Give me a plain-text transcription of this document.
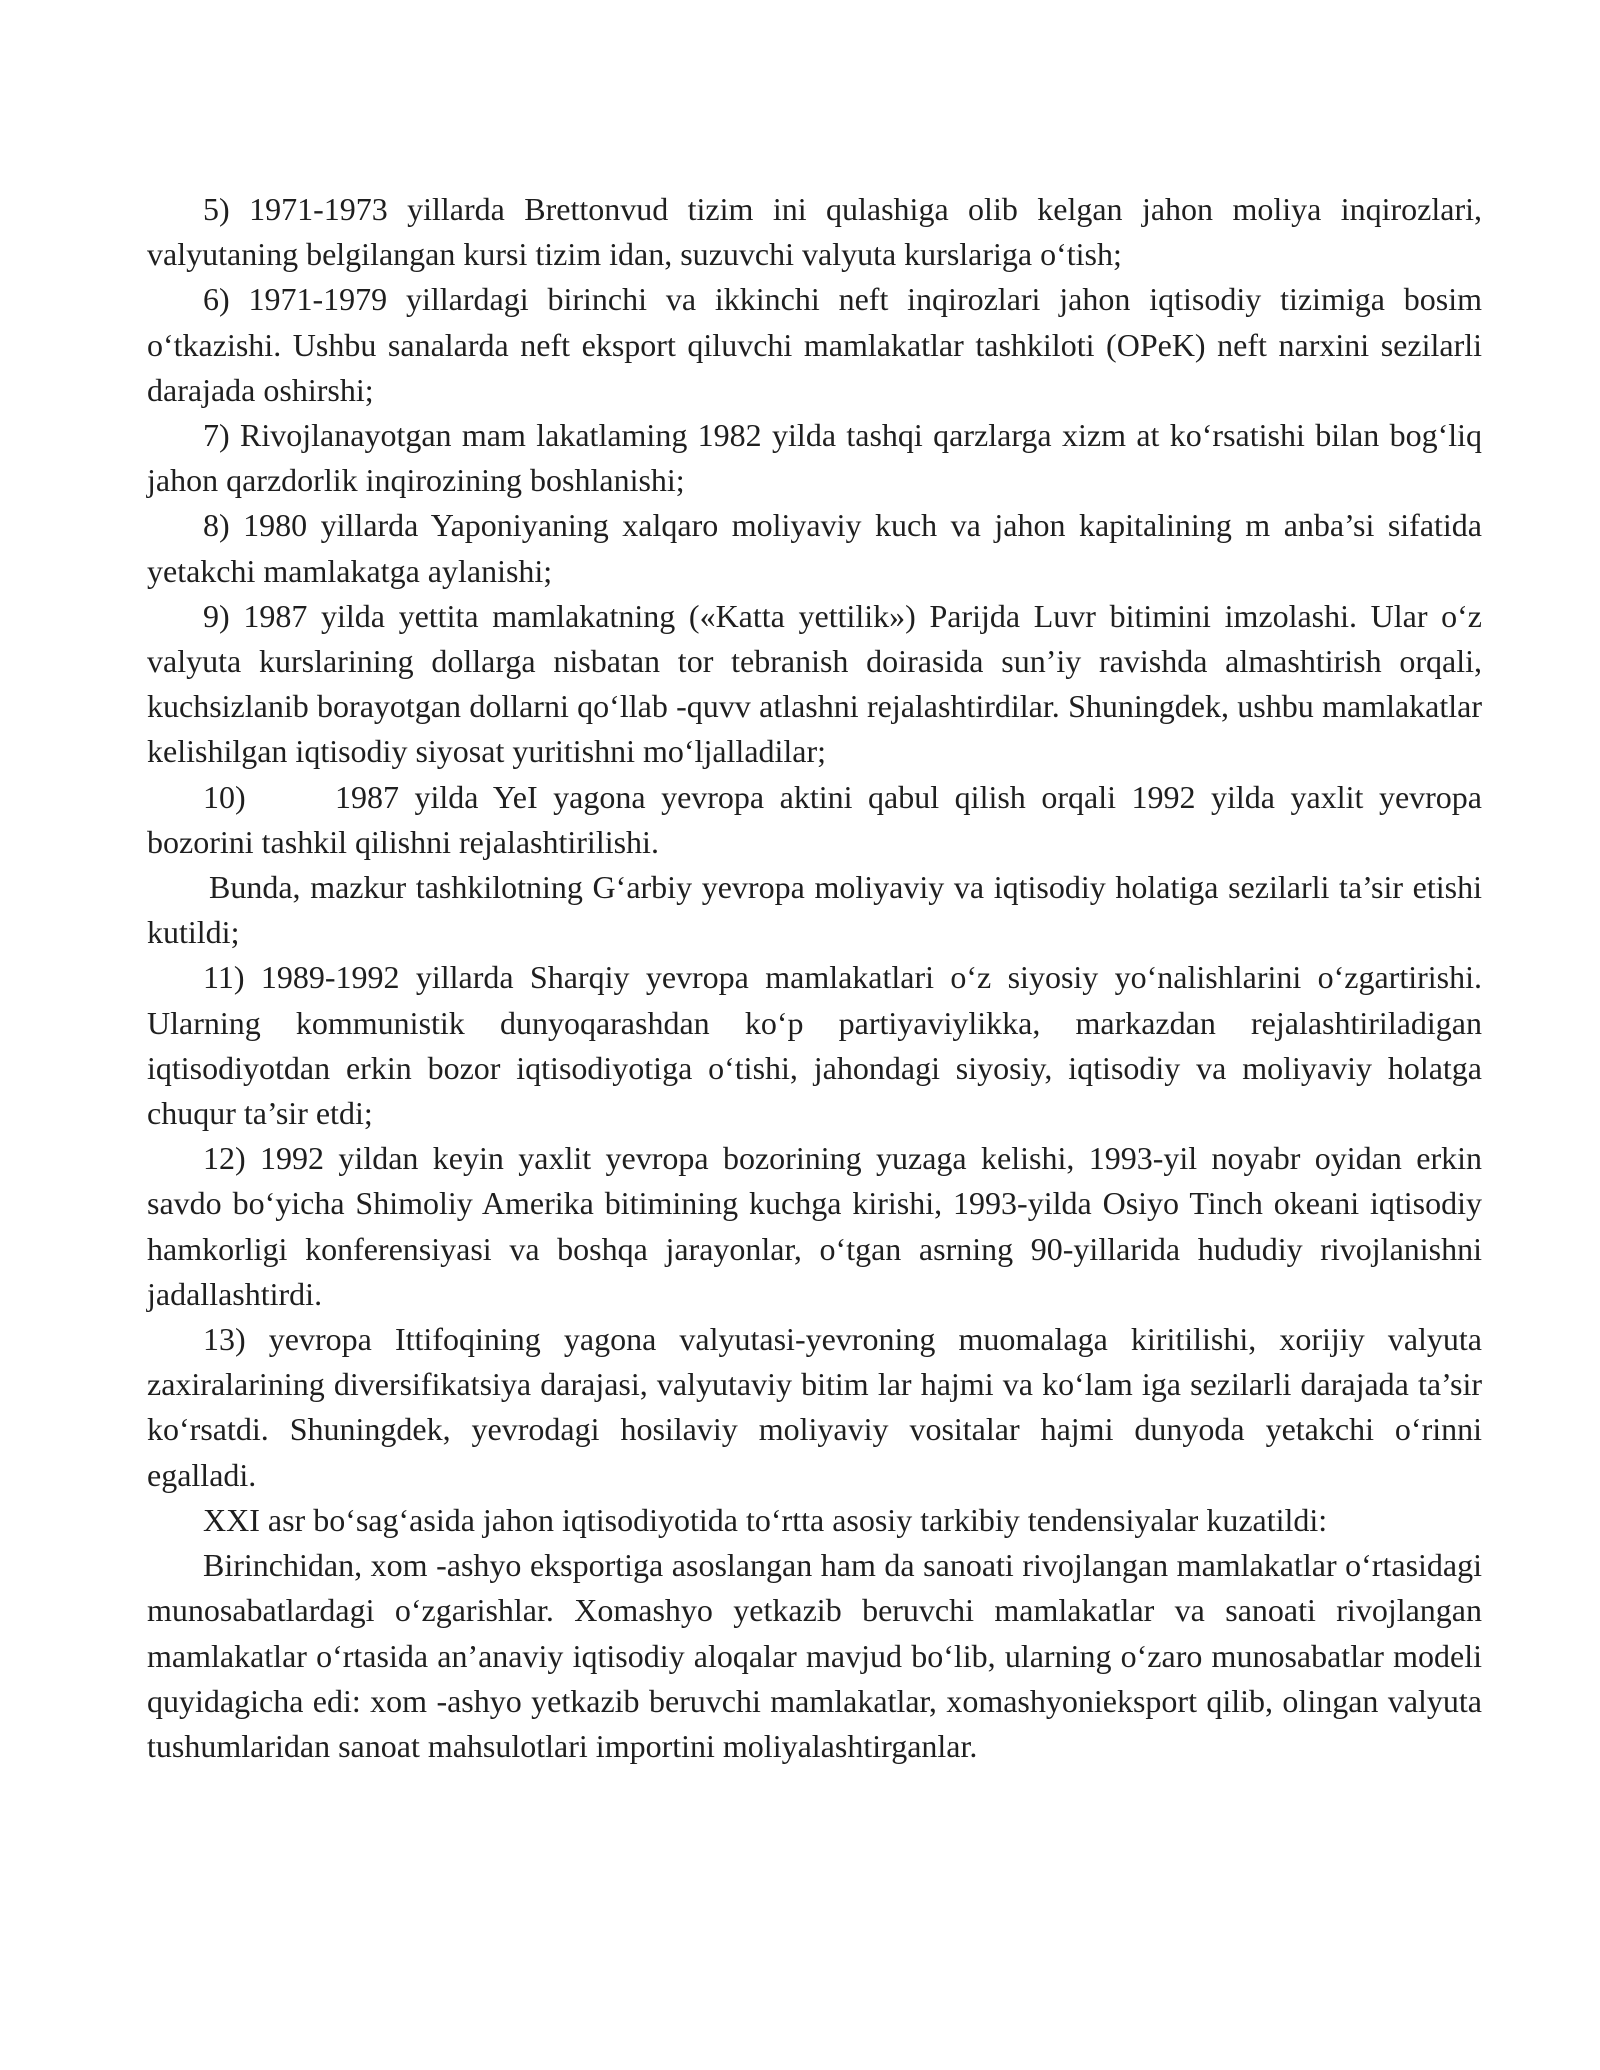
5) 1971-1973 yillarda Brettonvud tizim ini qulashiga olib kelgan jahon moliya inqirozlari, valyutaning belgilangan kursi tizim idan, suzuvchi valyuta kurslariga o‘tish;

6) 1971-1979 yillardagi birinchi va ikkinchi neft inqirozlari jahon iqtisodiy tizimiga bosim o‘tkazishi. Ushbu sanalarda neft eksport qiluvchi mamlakatlar tashkiloti (OPeK) neft narxini sezilarli darajada oshirshi;

7) Rivojlanayotgan mam lakatlaming 1982 yilda tashqi qarzlarga xizm at ko‘rsatishi bilan bog‘liq jahon qarzdorlik inqirozining boshlanishi;

8) 1980 yillarda Yaponiyaning xalqaro moliyaviy kuch va jahon kapitalining m anba’si sifatida yetakchi mamlakatga aylanishi;

9) 1987 yilda yettita mamlakatning («Katta yettilik») Parijda Luvr bitimini imzolashi. Ular o‘z valyuta kurslarining dollarga nisbatan tor tebranish doirasida sun’iy ravishda almashtirish orqali, kuchsizlanib borayotgan dollarni qo‘llab -quvv atlashni rejalashtirdilar. Shuningdek, ushbu mamlakatlar kelishilgan iqtisodiy siyosat yuritishni mo‘ljalladilar;

10)	1987 yilda YeI yagona yevropa aktini qabul qilish orqali 1992 yilda yaxlit yevropa bozorini tashkil qilishni rejalashtirilishi.

Bunda, mazkur tashkilotning G‘arbiy yevropa moliyaviy va iqtisodiy holatiga sezilarli ta’sir etishi kutildi;

11) 1989-1992 yillarda Sharqiy yevropa mamlakatlari o‘z siyosiy yo‘nalishlarini o‘zgartirishi. Ularning kommunistik dunyoqarashdan ko‘p partiyaviylikka, markazdan rejalashtiriladigan iqtisodiyotdan erkin bozor iqtisodiyotiga o‘tishi, jahondagi siyosiy, iqtisodiy va moliyaviy holatga chuqur ta’sir etdi;

12) 1992 yildan keyin yaxlit yevropa bozorining yuzaga kelishi, 1993-yil noyabr oyidan erkin savdo bo‘yicha Shimoliy Amerika bitimining kuchga kirishi, 1993-yilda Osiyo Tinch okeani iqtisodiy hamkorligi konferensiyasi va boshqa jarayonlar, o‘tgan asrning 90-yillarida hududiy rivojlanishni jadallashtirdi.

13) yevropa Ittifoqining yagona valyutasi-yevroning muomalaga kiritilishi, xorijiy valyuta zaxiralarining diversifikatsiya darajasi, valyutaviy bitim lar hajmi va ko‘lam iga sezilarli darajada ta’sir ko‘rsatdi. Shuningdek, yevrodagi hosilaviy moliyaviy vositalar hajmi dunyoda yetakchi o‘rinni egalladi.

XXI asr bo‘sag‘asida jahon iqtisodiyotida to‘rtta asosiy tarkibiy tendensiyalar kuzatildi:

Birinchidan, xom -ashyo eksportiga asoslangan ham da sanoati rivojlangan mamlakatlar o‘rtasidagi munosabatlardagi o‘zgarishlar. Xomashyo yetkazib beruvchi mamlakatlar va sanoati rivojlangan mamlakatlar o‘rtasida an’anaviy iqtisodiy aloqalar mavjud bo‘lib, ularning o‘zaro munosabatlar modeli quyidagicha edi: xom -ashyo yetkazib beruvchi mamlakatlar, xomashyonieksport qilib, olingan valyuta tushumlaridan sanoat mahsulotlari importini moliyalashtirganlar.
